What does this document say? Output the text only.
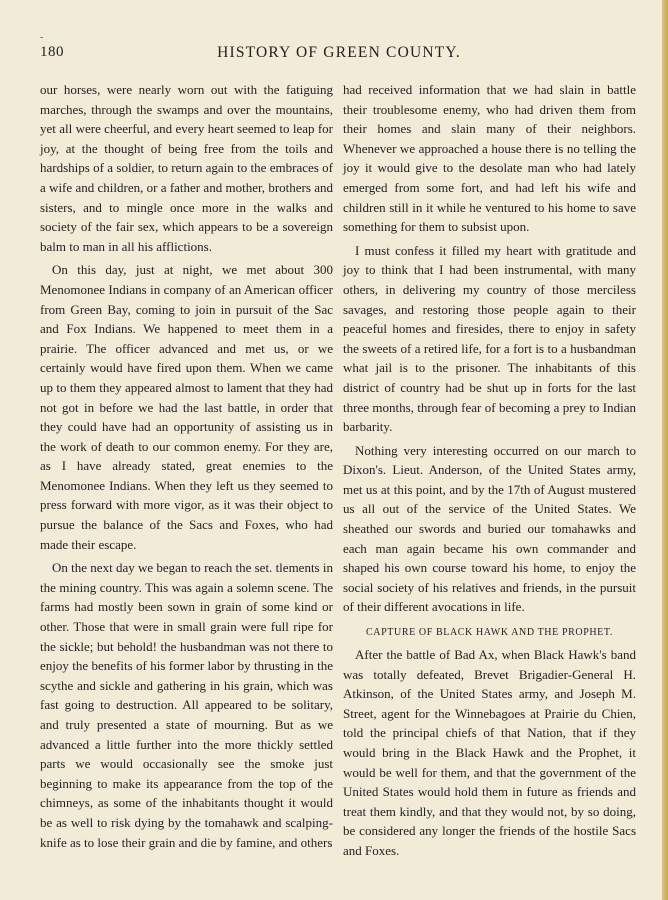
-
180	HISTORY OF GREEN COUNTY.

our horses, were nearly worn out with the fatiguing marches, through the swamps and over the mountains, yet all were cheerful, and every heart seemed to leap for joy, at the thought of being free from the toils and hardships of a soldier, to return again to the embraces of a wife and children, or a father and mother, brothers and sisters, and to mingle once more in the walks and society of the fair sex, which appears to be a sovereign balm to man in all his afflictions.

On this day, just at night, we met about 300 Menomonee Indians in company of an American officer from Green Bay, coming to join in pursuit of the Sac and Fox Indians. We happened to meet them in a prairie. The officer advanced and met us, or we certainly would have fired upon them. When we came up to them they appeared almost to lament that they had not got in before we had the last battle, in order that they could have had an opportunity of assisting us in the work of death to our common enemy. For they are, as I have already stated, great enemies to the Menomonee Indians. When they left us they seemed to press forward with more vigor, as it was their object to pursue the balance of the Sacs and Foxes, who had made their escape.

On the next day we began to reach the set. tlements in the mining country. This was again a solemn scene. The farms had mostly been sown in grain of some kind or other. Those that were in small grain were full ripe for the sickle; but behold! the husbandman was not there to enjoy the benefits of his former labor by thrusting in the scythe and sickle and gathering in his grain, which was fast going to destruction. All appeared to be solitary, and truly presented a state of mourning. But as we advanced a little further into the more thickly settled parts we would occasionally see the smoke just beginning to make its appearance from the top of the chimneys, as some of the inhabitants thought it would be as well to risk dying by the tomahawk and scalping-knife as to lose their grain and die by famine, and others

had received information that we had slain in battle their troublesome enemy, who had driven them from their homes and slain many of their neighbors. Whenever we approached a house there is no telling the joy it would give to the desolate man who had lately emerged from some fort, and had left his wife and children still in it while he ventured to his home to save something for them to subsist upon.

I must confess it filled my heart with gratitude and joy to think that I had been instrumental, with many others, in delivering my country of those merciless savages, and restoring those people again to their peaceful homes and firesides, there to enjoy in safety the sweets of a retired life, for a fort is to a husbandman what jail is to the prisoner. The inhabitants of this district of country had be shut up in forts for the last three months, through fear of becoming a prey to Indian barbarity.

Nothing very interesting occurred on our march to Dixon's. Lieut. Anderson, of the United States army, met us at this point, and by the 17th of August mustered us all out of the service of the United States. We sheathed our swords and buried our tomahawks and each man again became his own commander and shaped his own course toward his home, to enjoy the social society of his relatives and friends, in the pursuit of their different avocations in life.

CAPTURE OF BLACK HAWK AND THE PROPHET.

After the battle of Bad Ax, when Black Hawk's band was totally defeated, Brevet Brigadier-General H. Atkinson, of the United States army, and Joseph M. Street, agent for the Winnebagoes at Prairie du Chien, told the principal chiefs of that Nation, that if they would bring in the Black Hawk and the Prophet, it would be well for them, and that the government of the United States would hold them in future as friends and treat them kindly, and that they would not, by so doing, be considered any longer the friends of the hostile Sacs and Foxes.
